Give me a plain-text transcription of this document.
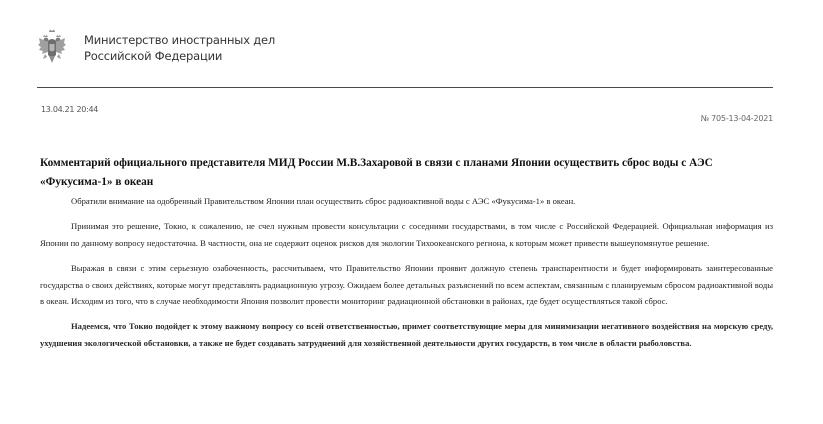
Министерство иностранных дел
Российской Федерации
13.04.21 20:44
№ 705-13-04-2021
Комментарий официального представителя МИД России М.В.Захаровой в связи с планами Японии осуществить сброс воды с АЭС «Фукусима-1» в океан

Обратили внимание на одобренный Правительством Японии план осуществить сброс радиоактивной воды с АЭС «Фукусима-1» в океан.

Принимая это решение, Токио, к сожалению, не счел нужным провести консультации с соседними государствами, в том числе с Российской Федерацией. Официальная информация из Японии по данному вопросу недостаточна. В частности, она не содержит оценок рисков для экологии Тихоокеанского региона, к которым может привести вышеупомянутое решение.

Выражая в связи с этим серьезную озабоченность, рассчитываем, что Правительство Японии проявит должную степень транспарентности и будет информировать заинтересованные государства о своих действиях, которые могут представлять радиационную угрозу. Ожидаем более детальных разъяснений по всем аспектам, связанным с планируемым сбросом радиоактивной воды в океан. Исходим из того, что в случае необходимости Япония позволит провести мониторинг радиационной обстановки в районах, где будет осуществляться такой сброс.

Надеемся, что Токио подойдет к этому важному вопросу со всей ответственностью, примет соответствующие меры для минимизации негативного воздействия на морскую среду, ухудшения экологической обстановки, а также не будет создавать затруднений для хозяйственной деятельности других государств, в том числе в области рыболовства.
